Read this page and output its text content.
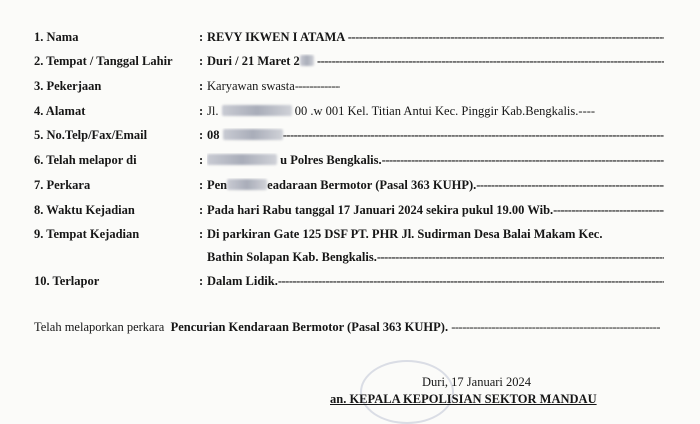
1. Nama	: REVY IKWEN I ATAMA -----
2. Tempat / Tanggal Lahir : Duri / 21 Maret 2 -----
3. Pekerjaan	: Karyawan swasta -----
4. Alamat	: Jl.	00 .w 001 Kel. Titian Antui Kec. Pinggir Kab.Bengkalis.----
5. No.Telp/Fax/Email	: 08  -----
6. Telah melapor di	:	u Polres Bengkalis. -----
7. Perkara	: Pen	eadaraan Bermotor (Pasal 363 KUHP). -----
8. Waktu Kejadian	: Pada hari Rabu tanggal 17 Januari 2024 sekira pukul 19.00 Wib. -----
9. Tempat Kejadian	: Di parkiran Gate 125 DSF PT. PHR Jl. Sudirman Desa Balai Makam Kec.
Bathin Solapan Kab. Bengkalis. -----
10. Terlapor	: Dalam Lidik. -----
Telah melaporkan perkara Pencurian Kendaraan Bermotor (Pasal 363 KUHP). -----
Duri, 17 Januari 2024
an. KEPALA KEPOLISIAN SEKTOR MANDAU
